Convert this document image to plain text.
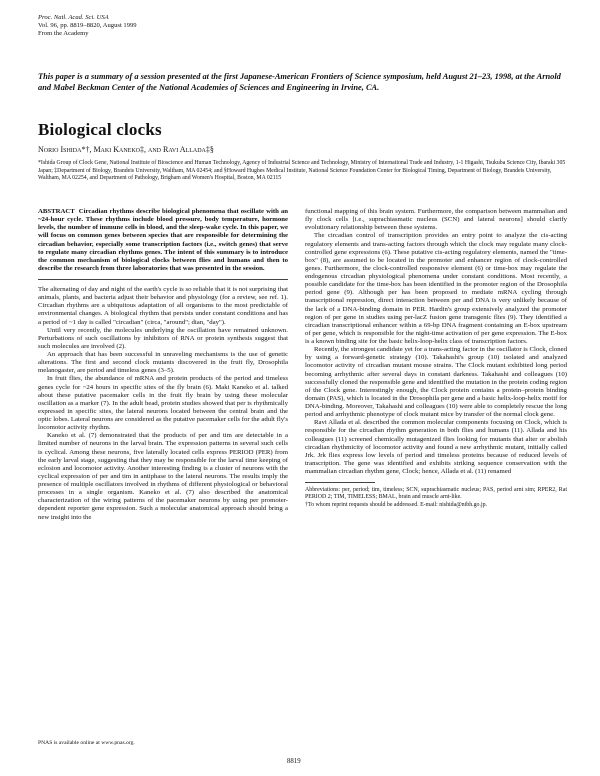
Proc. Natl. Acad. Sci. USA
Vol. 96, pp. 8819–8820, August 1999
From the Academy
This paper is a summary of a session presented at the first Japanese-American Frontiers of Science symposium, held August 21–23, 1998, at the Arnold and Mabel Beckman Center of the National Academies of Sciences and Engineering in Irvine, CA.
Biological clocks
Norio Ishida*†, Maki Kaneko‡, and Ravi Allada‡§
*Ishida Group of Clock Gene, National Institute of Bioscience and Human Technology, Agency of Industrial Science and Technology, Ministry of International Trade and Industry, 1-1 Higashi, Tsukuba Science City, Ibaraki 305 Japan; ‡Department of Biology, Brandeis University, Waltham, MA 02454; and §Howard Hughes Medical Institute, National Science Foundation Center for Biological Timing, Department of Biology, Brandeis University, Waltham, MA 02254, and Department of Pathology, Brigham and Women's Hospital, Boston, MA 02115
ABSTRACT Circadian rhythms describe biological phenomena that oscillate with an ~24-hour cycle. These rhythms include blood pressure, body temperature, hormone levels, the number of immune cells in blood, and the sleep-wake cycle. In this paper, we will focus on common genes between species that are responsible for determining the circadian behavior, especially some transcription factors (i.e., switch genes) that serve to regulate many circadian rhythms genes. The intent of this summary is to introduce the common mechanism of biological clocks between flies and humans and then to describe the research from three laboratories that was presented in the session.

The alternating of day and night of the earth's cycle is so reliable that it is not surprising that animals, plants, and bacteria adjust their behavior and physiology (for a review, see ref. 1). Circadian rhythms are a ubiquitous adaptation of all organisms to the most predictable of environmental changes. A biological rhythm that persists under constant conditions and has a period of ~1 day is called "circadian" (circa, "around"; dian, "day").

Until very recently, the molecules underlying the oscillation have remained unknown. Perturbations of such oscillations by inhibitors of RNA or protein synthesis suggest that such molecules are involved (2).

An approach that has been successful in unraveling mechanisms is the use of genetic alterations. The first and second clock mutants discovered in the fruit fly, Drosophila melanogaster, are period and timeless genes (3–5).

In fruit flies, the abundance of mRNA and protein products of the period and timeless genes cycle for ~24 hours in specific sites of the fly brain (6). Maki Kaneko et al. talked about these putative pacemaker cells in the fruit fly brain by using these molecular oscillation as a marker (7). In the adult head, protein studies showed that per is rhythmically expressed in specific sites, the lateral neurons located between the central brain and the optic lobes. Lateral neurons are considered as the putative pacemaker cells for the adult fly's locomotor activity rhythm.

Kaneko et al. (7) demonstrated that the products of per and tim are detectable in a limited number of neurons in the larval brain. The expression patterns in several such cells is cyclical. Among these neurons, five laterally located cells express PERIOD (PER) from the early larval stage, suggesting that they may be responsible for the larval time keeping of eclosion and locomotor activity. Another interesting finding is a cluster of neurons with the cyclical expression of per and tim in antiphase to the lateral neurons. The results imply the presence of multiple oscillators involved in rhythms of different physiological or behavioral processes in a single organism. Kaneko et al. (7) also described the anatomical characterization of the wiring patterns of the pacemaker neurons by using per promoter-dependent reporter gene expression. Such a molecular anatomical approach should bring a new insight into the

functional mapping of this brain system. Furthermore, the comparison between mammalian and fly clock cells [i.e., suprachiasmatic nucleus (SCN) and lateral neurons] should clarify evolutionary relationship between these systems.

The circadian control of transcription provides an entry point to analyze the cis-acting regulatory elements and trans-acting factors through which the clock may regulate many clock-controlled gene expressions (6). These putative cis-acting regulatory elements, named the "time-box" (8), are assumed to be located in the promoter and enhancer region of clock-controlled genes. Furthermore, the clock-controlled responsive element (6) or time-box may regulate the endogenous circadian physiological phenomena under constant conditions. Most recently, a possible candidate for the time-box has been identified in the promoter region of the Drosophila period gene (9). Although per has been proposed to mediate mRNA cycling through transcriptional repression, direct interaction between per and DNA is very unlikely because of the lack of a DNA-binding domain in PER. Hardin's group extensively analyzed the promoter region of per gene in studies using per-lacZ fusion gene transgenic flies (9). They identified a circadian transcriptional enhancer within a 69-bp DNA fragment containing an E-box upstream of per gene, which is responsible for the night-time activation of per gene expression. The E-box is a known binding site for the basic helix-loop-helix class of transcription factors.

Recently, the strongest candidate yet for a trans-acting factor in the oscillator is Clock, cloned by using a forward-genetic strategy (10). Takahashi's group (10) isolated and analyzed locomotor activity of circadian mutant mouse strains. The Clock mutant exhibited long period becoming arrhythmic after several days in constant darkness. Takahashi and colleagues (10) successfully cloned the responsible gene and identified the mutation in the protein coding region of the Clock gene. Interestingly enough, the Clock protein contains a protein–protein binding domain (PAS), which is located in the Drosophila per gene and a basic helix-loop-helix motif for DNA-binding. Moreover, Takahashi and colleagues (10) were able to completely rescue the long period and arrhythmic phenotype of clock mutant mice by transfer of the normal clock gene.

Ravi Allada et al. described the common molecular components focusing on Clock, which is responsible for the circadian rhythm generation in both flies and humans (11). Allada and his colleagues (11) screened chemically mutagenized flies looking for mutants that alter or abolish circadian rhythmicity of locomotor activity and found a new arrhythmic mutant, initially called Jrk. Jrk flies express low levels of period and timeless proteins because of reduced levels of transcription. The gene was identified and exhibits striking sequence conservation with the mammalian circadian rhythm gene, Clock; hence, Allada et al. (11) renamed

Abbreviations: per, period; tim, timeless; SCN, suprachiasmatic nucleus; PAS, period arnt sim; RPER2, Rat PERIOD 2; TIM, TIMELESS; BMAL, brain and muscle arnt-like.

†To whom reprint requests should be addressed. E-mail: nishida@nibh.go.jp.

PNAS is available online at www.pnas.org.
8819
